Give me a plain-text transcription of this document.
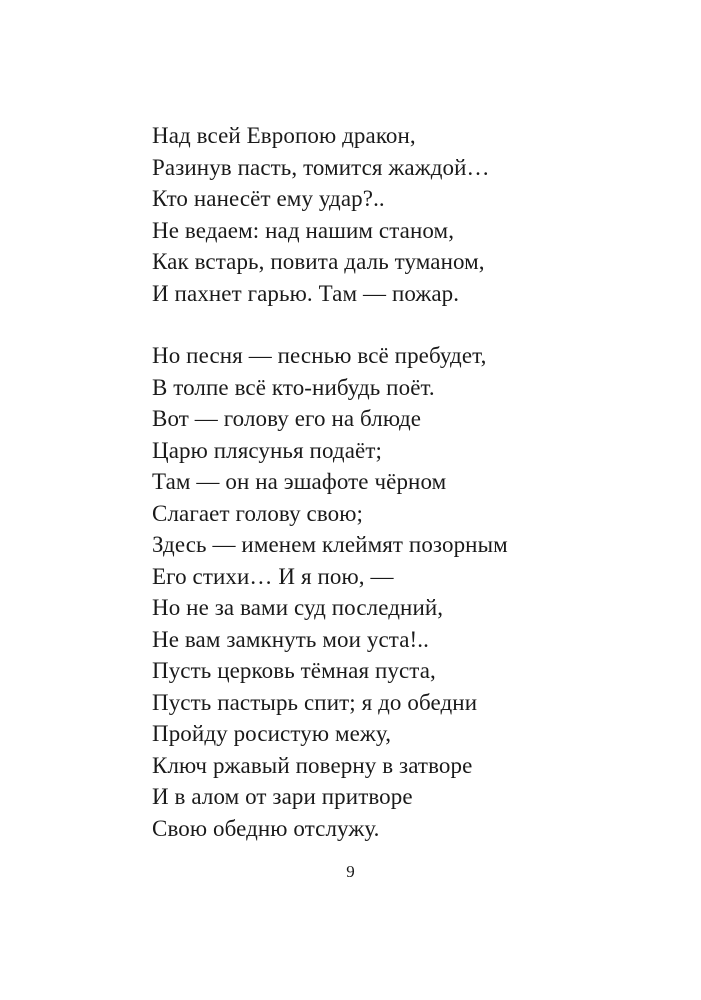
Над всей Европою дракон,
Разинув пасть, томится жаждой…
Кто нанесёт ему удар?..
Не ведаем: над нашим станом,
Как встарь, повита даль туманом,
И пахнет гарью. Там — пожар.
Но песня — песнью всё пребудет,
В толпе всё кто-нибудь поёт.
Вот — голову его на блюде
Царю плясунья подаёт;
Там — он на эшафоте чёрном
Слагает голову свою;
Здесь — именем клеймят позорным
Его стихи… И я пою, —
Но не за вами суд последний,
Не вам замкнуть мои уста!..
Пусть церковь тёмная пуста,
Пусть пастырь спит; я до обедни
Пройду росистую межу,
Ключ ржавый поверну в затворе
И в алом от зари притворе
Свою обедню отслужу.
9
